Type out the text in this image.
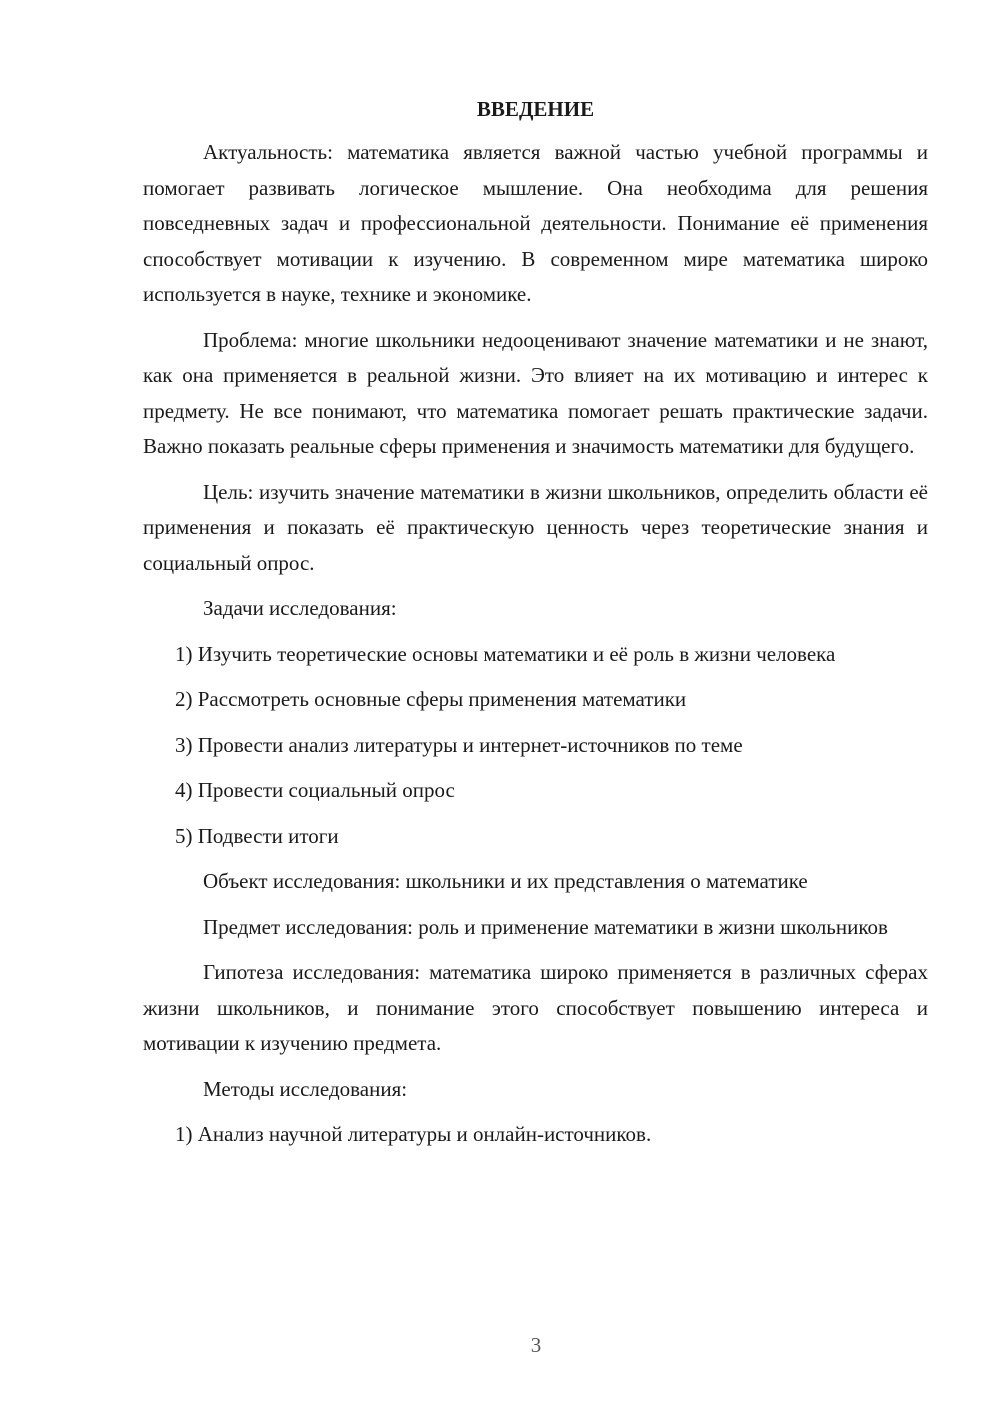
ВВЕДЕНИЕ

Актуальность: математика является важной частью учебной программы и помогает развивать логическое мышление. Она необходима для решения повседневных задач и профессиональной деятельности. Понимание её применения способствует мотивации к изучению. В современном мире математика широко используется в науке, технике и экономике.

Проблема: многие школьники недооценивают значение математики и не знают, как она применяется в реальной жизни. Это влияет на их мотивацию и интерес к предмету. Не все понимают, что математика помогает решать практические задачи. Важно показать реальные сферы применения и значимость математики для будущего.

Цель: изучить значение математики в жизни школьников, определить области её применения и показать её практическую ценность через теоретические знания и социальный опрос.

Задачи исследования:

1) Изучить теоретические основы математики и её роль в жизни человека

2) Рассмотреть основные сферы применения математики

3) Провести анализ литературы и интернет-источников по теме

4) Провести социальный опрос

5) Подвести итоги

Объект исследования: школьники и их представления о математике

Предмет исследования: роль и применение математики в жизни школьников

Гипотеза исследования: математика широко применяется в различных сферах жизни школьников, и понимание этого способствует повышению интереса и мотивации к изучению предмета.

Методы исследования:

1) Анализ научной литературы и онлайн-источников.

3
